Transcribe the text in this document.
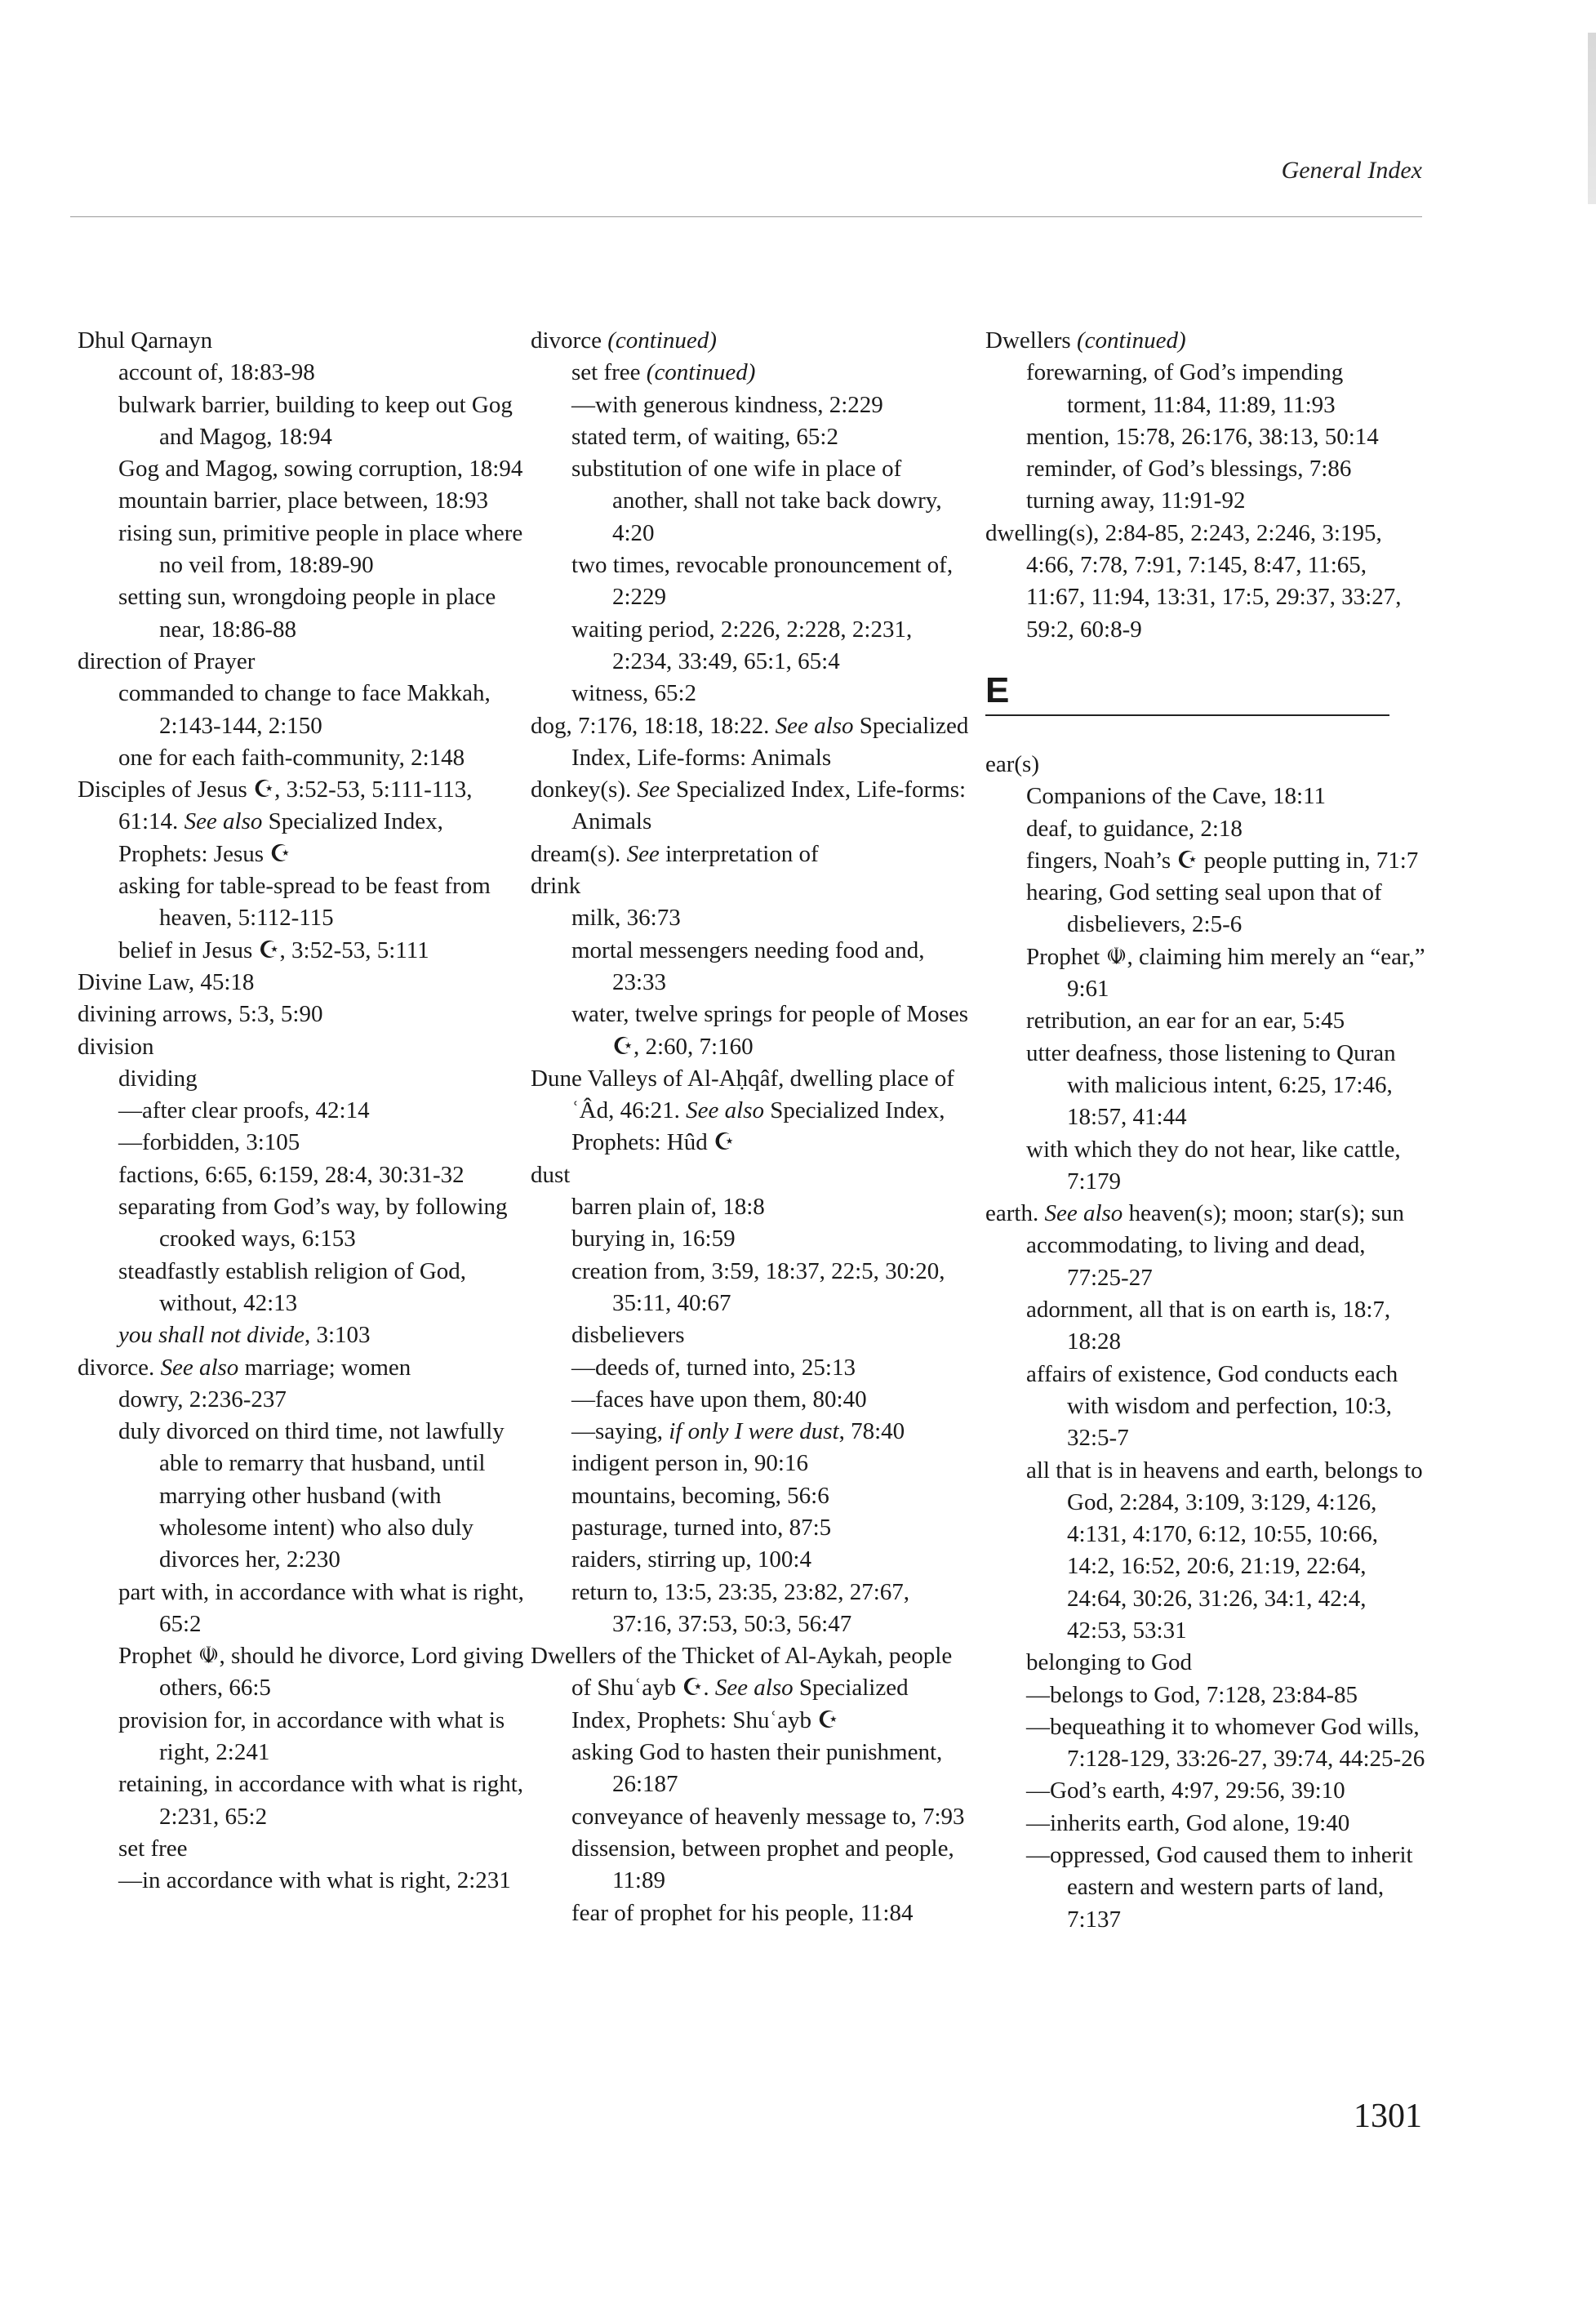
General Index
Dhul Qarnayn
account of, 18:83-98
bulwark barrier, building to keep out Gog and Magog, 18:94
Gog and Magog, sowing corruption, 18:94
mountain barrier, place between, 18:93
rising sun, primitive people in place where no veil from, 18:89-90
setting sun, wrongdoing people in place near, 18:86-88
direction of Prayer
commanded to change to face Makkah, 2:143-144, 2:150
one for each faith-community, 2:148
Disciples of Jesus ☪, 3:52-53, 5:111-113, 61:14. See also Specialized Index, Prophets: Jesus ☪
asking for table-spread to be feast from heaven, 5:112-115
belief in Jesus ☪, 3:52-53, 5:111
Divine Law, 45:18
divining arrows, 5:3, 5:90
division
dividing
—after clear proofs, 42:14
—forbidden, 3:105
factions, 6:65, 6:159, 28:4, 30:31-32
separating from God’s way, by following crooked ways, 6:153
steadfastly establish religion of God, without, 42:13
you shall not divide, 3:103
divorce. See also marriage; women
dowry, 2:236-237
duly divorced on third time, not lawfully able to remarry that husband, until marrying other husband (with wholesome intent) who also duly divorces her, 2:230
part with, in accordance with what is right, 65:2
Prophet ☫, should he divorce, Lord giving others, 66:5
provision for, in accordance with what is right, 2:241
retaining, in accordance with what is right, 2:231, 65:2
set free
—in accordance with what is right, 2:231
divorce (continued)
set free (continued)
—with generous kindness, 2:229
stated term, of waiting, 65:2
substitution of one wife in place of another, shall not take back dowry, 4:20
two times, revocable pronouncement of, 2:229
waiting period, 2:226, 2:228, 2:231, 2:234, 33:49, 65:1, 65:4
witness, 65:2
dog, 7:176, 18:18, 18:22. See also Specialized Index, Life-forms: Animals
donkey(s). See Specialized Index, Life-forms: Animals
dream(s). See interpretation of
drink
milk, 36:73
mortal messengers needing food and, 23:33
water, twelve springs for people of Moses ☪, 2:60, 7:160
Dune Valleys of Al-Aḥqâf, dwelling place of ʿÂd, 46:21. See also Specialized Index, Prophets: Hûd ☪
dust
barren plain of, 18:8
burying in, 16:59
creation from, 3:59, 18:37, 22:5, 30:20, 35:11, 40:67
disbelievers
—deeds of, turned into, 25:13
—faces have upon them, 80:40
—saying, if only I were dust, 78:40
indigent person in, 90:16
mountains, becoming, 56:6
pasturage, turned into, 87:5
raiders, stirring up, 100:4
return to, 13:5, 23:35, 23:82, 27:67, 37:16, 37:53, 50:3, 56:47
Dwellers of the Thicket of Al-Aykah, people of Shuʿayb ☪. See also Specialized Index, Prophets: Shuʿayb ☪
asking God to hasten their punishment, 26:187
conveyance of heavenly message to, 7:93
dissension, between prophet and people, 11:89
fear of prophet for his people, 11:84
Dwellers (continued)
forewarning, of God’s impending torment, 11:84, 11:89, 11:93
mention, 15:78, 26:176, 38:13, 50:14
reminder, of God’s blessings, 7:86
turning away, 11:91-92
dwelling(s), 2:84-85, 2:243, 2:246, 3:195, 4:66, 7:78, 7:91, 7:145, 8:47, 11:65, 11:67, 11:94, 13:31, 17:5, 29:37, 33:27, 59:2, 60:8-9
E
ear(s)
Companions of the Cave, 18:11
deaf, to guidance, 2:18
fingers, Noah’s ☪ people putting in, 71:7
hearing, God setting seal upon that of disbelievers, 2:5-6
Prophet ☫, claiming him merely an “ear,” 9:61
retribution, an ear for an ear, 5:45
utter deafness, those listening to Quran with malicious intent, 6:25, 17:46, 18:57, 41:44
with which they do not hear, like cattle, 7:179
earth. See also heaven(s); moon; star(s); sun
accommodating, to living and dead, 77:25-27
adornment, all that is on earth is, 18:7, 18:28
affairs of existence, God conducts each with wisdom and perfection, 10:3, 32:5-7
all that is in heavens and earth, belongs to God, 2:284, 3:109, 3:129, 4:126, 4:131, 4:170, 6:12, 10:55, 10:66, 14:2, 16:52, 20:6, 21:19, 22:64, 24:64, 30:26, 31:26, 34:1, 42:4, 42:53, 53:31
belonging to God
—belongs to God, 7:128, 23:84-85
—bequeathing it to whomever God wills, 7:128-129, 33:26-27, 39:74, 44:25-26
—God’s earth, 4:97, 29:56, 39:10
—inherits earth, God alone, 19:40
—oppressed, God caused them to inherit eastern and western parts of land, 7:137
1301
